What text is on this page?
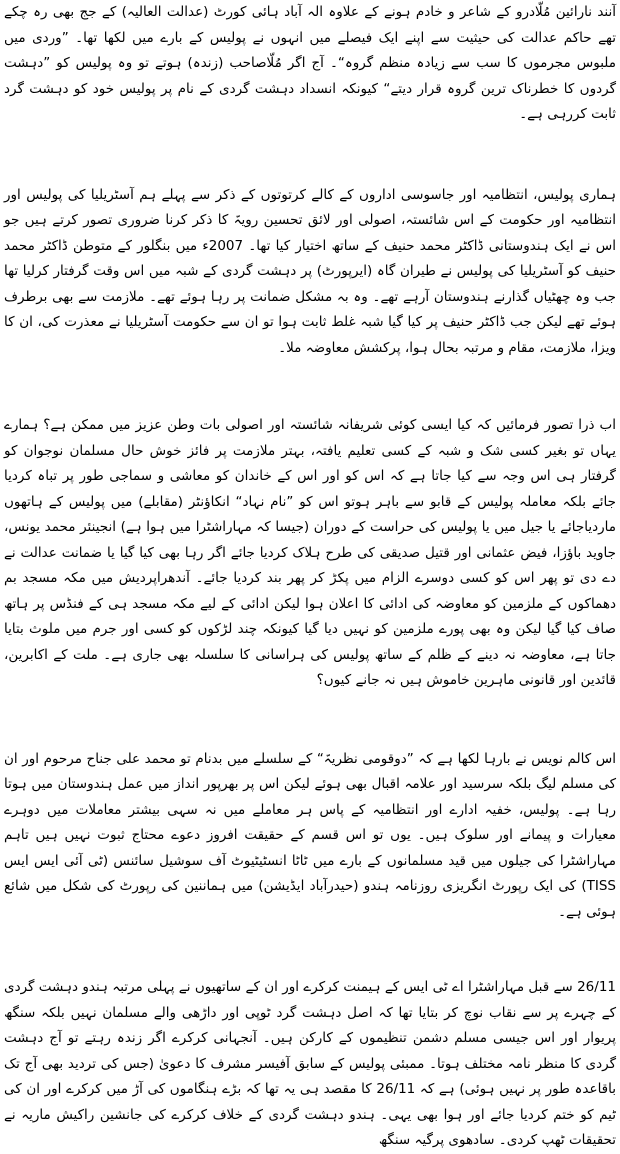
آنند نارائین مُلّادرو کے شاعر و خادم ہونے کے علاوہ الہ آباد ہائی کورٹ (عدالت العالیہ) کے جج بھی رہ چکے تھے حاکم عدالت کی حیثیت سے اپنے ایک فیصلے میں انہوں نے پولیس کے بارے میں لکھا تھا۔ ”وردی میں ملبوس مجرموں کا سب سے زیادہ منظم گروہ“۔ آج اگر مُلّاصاحب (زندہ) ہوتے تو وہ پولیس کو ”دہشت گردوں کا خطرناک ترین گروہ قرار دیتے“ کیونکہ انسداد دہشت گردی کے نام پر پولیس خود کو دہشت گرد ثابت کررہی ہے۔

ہماری پولیس، انتظامیہ اور جاسوسی اداروں کے کالے کرتوتوں کے ذکر سے پہلے ہم آسٹریلیا کی پولیس اور انتظامیہ اور حکومت کے اس شائستہ، اصولی اور لائق تحسین رویہّ کا ذکر کرنا ضروری تصور کرتے ہیں جو اس نے ایک ہندوستانی ڈاکٹر محمد حنیف کے ساتھ اختیار کیا تھا۔ 2007ء میں بنگلور کے متوطن ڈاکٹر محمد حنیف کو آسٹریلیا کی پولیس نے طیران گاہ (ایرپورٹ) پر دہشت گردی کے شبہ میں اس وقت گرفتار کرلیا تھا جب وہ چھٹیاں گذارنے ہندوستان آرہے تھے۔ وہ بہ مشکل ضمانت پر رہا ہوئے تھے۔ ملازمت سے بھی برطرف ہوئے تھے لیکن جب ڈاکٹر حنیف پر کیا گیا شبہ غلط ثابت ہوا تو ان سے حکومت آسٹریلیا نے معذرت کی، ان کا ویزا، ملازمت، مقام و مرتبہ بحال ہوا، پرکشش معاوضہ ملا۔

اب ذرا تصور فرمائیں کہ کیا ایسی کوئی شریفانہ شائستہ اور اصولی بات وطن عزیز میں ممکن ہے؟ ہمارے یہاں تو بغیر کسی شک و شبہ کے کسی تعلیم یافتہ، بہتر ملازمت پر فائز خوش حال مسلمان نوجوان کو گرفتار ہی اس وجہ سے کیا جاتا ہے کہ اس کو اور اس کے خاندان کو معاشی و سماجی طور پر تباہ کردیا جائے بلکہ معاملہ پولیس کے قابو سے باہر ہوتو اس کو ”نام نہاد“ انکاؤنٹر (مقابلے) میں پولیس کے ہاتھوں ماردیاجائے یا جیل میں یا پولیس کی حراست کے دوران (جیسا کہ مہاراشٹرا میں ہوا ہے) انجینئر محمد یونس، جاوید باؤزا، فیض عثمانی اور قتیل صدیقی کی طرح ہلاک کردیا جائے اگر رہا بھی کیا گیا یا ضمانت عدالت نے دے دی تو پھر اس کو کسی دوسرے الزام میں پکڑ کر پھر بند کردیا جائے۔ آندھراپردیش میں مکہ مسجد بم دھماکوں کے ملزمین کو معاوضہ کی ادائی کا اعلان ہوا لیکن ادائی کے لیے مکہ مسجد ہی کے فنڈس پر ہاتھ صاف کیا گیا لیکن وہ بھی پورے ملزمین کو نہیں دیا گیا کیونکہ چند لڑکوں کو کسی اور جرم میں ملوث بتایا جاتا ہے، معاوضہ نہ دینے کے ظلم کے ساتھ پولیس کی ہراسانی کا سلسلہ بھی جاری ہے۔ ملت کے اکابرین، قائدین اور قانونی ماہرین خاموش ہیں نہ جانے کیوں؟

اس کالم نویس نے بارہا لکھا ہے کہ ”دوقومی نظریہّ“ کے سلسلے میں بدنام تو محمد علی جناح مرحوم اور ان کی مسلم لیگ بلکہ سرسید اور علامہ اقبال بھی ہوئے لیکن اس پر بھرپور انداز میں عمل ہندوستان میں ہوتا رہا ہے۔ پولیس، خفیہ ادارے اور انتظامیہ کے پاس ہر معاملے میں نہ سہی بیشتر معاملات میں دوہرے معیارات و پیمانے اور سلوک ہیں۔ یوں تو اس قسم کے حقیقت افروز دعوے محتاج ثبوت نہیں ہیں تاہم مہاراشٹرا کی جیلوں میں قید مسلمانوں کے بارے میں ٹاٹا انسٹیٹیوٹ آف سوشیل سائنس (ٹی آئی ایس ایس TISS) کی ایک رپورٹ انگریزی روزنامہ ہندو (حیدرآباد ایڈیشن) میں ہماننین کی رپورٹ کی شکل میں شائع ہوئی ہے۔

26/11 سے قبل مہاراشٹرا اے ٹی ایس کے ہیمنت کرکرے اور ان کے ساتھیوں نے پہلی مرتبہ ہندو دہشت گردی کے چہرے پر سے نقاب نوچ کر بتایا تھا کہ اصل دہشت گرد ٹوپی اور داڑھی والے مسلمان نہیں بلکہ سنگھ پریوار اور اس جیسی مسلم دشمن تنظیموں کے کارکن ہیں۔ آنجہانی کرکرے اگر زندہ رہتے تو آج دہشت گردی کا منظر نامہ مختلف ہوتا۔ ممبئی پولیس کے سابق آفیسر مشرف کا دعویٰ (جس کی تردید بھی آج تک باقاعدہ طور پر نہیں ہوئی) ہے کہ 26/11 کا مقصد ہی یہ تھا کہ بڑے ہنگاموں کی آڑ میں کرکرے اور ان کی ٹیم کو ختم کردیا جائے اور ہوا بھی یہی۔ ہندو دہشت گردی کے خلاف کرکرے کی جانشین راکیش ماریہ نے تحقیقات ٹھپ کردی۔ سادھوی پرگیہ سنگھ
